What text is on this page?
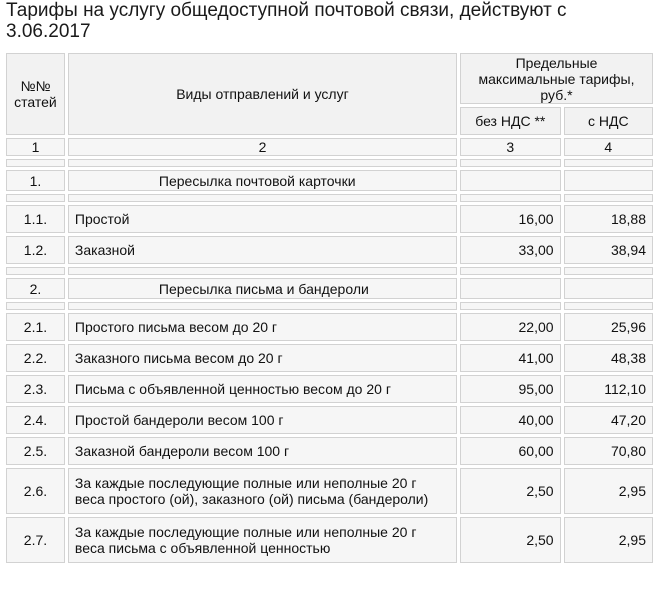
Тарифы на услугу общедоступной почтовой связи, действуют с
3.06.2017
№№ статей	Виды отправлений и услуг	Предельные максимальные тарифы, руб.*	
		без НДС **	с НДС
1	2	3	4

1.	Пересылка почтовой карточки		

1.1.	Простой	16,00	18,88
1.2.	Заказной	33,00	38,94

2.	Пересылка письма и бандероли		

2.1.	Простого письма весом до 20 г	22,00	25,96
2.2.	Заказного письма весом до 20 г	41,00	48,38
2.3.	Письма с объявленной ценностью весом до 20 г	95,00	112,10
2.4.	Простой бандероли весом 100 г	40,00	47,20
2.5.	Заказной бандероли весом 100 г	60,00	70,80
2.6.	За каждые последующие полные или неполные 20 г веса простого (ой), заказного (ой) письма (бандероли)	2,50	2,95
2.7.	За каждые последующие полные или неполные 20 г веса письма с объявленной ценностью	2,50	2,95
